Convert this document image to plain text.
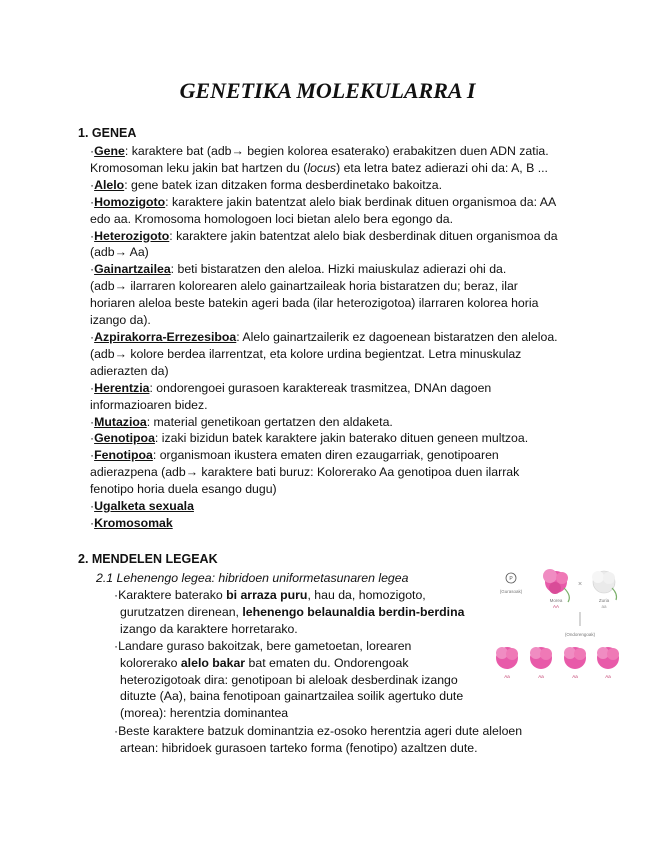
GENETIKA MOLEKULARRA I
1. GENEA
·Gene: karaktere bat (adb→ begien kolorea esaterako) erabakitzen duen ADN zatia.
Kromosoman leku jakin bat hartzen du (locus) eta letra batez adierazi ohi da: A, B ...
·Alelo: gene batek izan ditzaken forma desberdinetako bakoitza.
·Homozigoto: karaktere jakin batentzat alelo biak berdinak dituen organismoa da: AA
edo aa. Kromosoma homologoen loci bietan alelo bera egongo da.
·Heterozigoto: karaktere jakin batentzat alelo biak desberdinak dituen organismoa da
(adb→ Aa)
·Gainartzailea: beti bistaratzen den aleloa. Hizki maiuskulaz adierazi ohi da.
(adb→ ilarraren kolorearen alelo gainartzaileak horia bistaratzen du; beraz, ilar
horiaren aleloa beste batekin ageri bada (ilar heterozigotoa) ilarraren kolorea horia
izango da).
·Azpirakorra-Errezesiboa: Alelo gainartzailerik ez dagoenean bistaratzen den aleloa.
(adb→ kolore berdea ilarrentzat, eta kolore urdina begientzat. Letra minuskulaz
adierazten da)
·Herentzia: ondorengoei gurasoen karaktereak trasmitzea, DNAn dagoen
informazioaren bidez.
·Mutazioa: material genetikoan gertatzen den aldaketa.
·Genotipoa: izaki bizidun batek karaktere jakin baterako dituen geneen multzoa.
·Fenotipoa: organismoan ikustera ematen diren ezaugarriak, genotipoaren
adierazpena (adb→ karaktere bati buruz: Kolorerako Aa genotipoa duen ilarrak
fenotipo horia duela esango dugu)
·Ugalketa sexuala
·Kromosomak
2. MENDELEN LEGEAK
2.1 Lehenengo legea: hibridoen uniformetasunaren legea
·Karaktere baterako bi arraza puru, hau da, homozigoto,
gurutzatzen direnean, lehenengo belaunaldia berdin-berdina
izango da karaktere horretarako.
·Landare guraso bakoitzak, bere gametoetan, lorearen
kolorerako alelo bakar bat ematen du. Ondorengoak
heterozigotoak dira: genotipoan bi aleloak desberdinak izango
dituzte (Aa), baina fenotipoan gainartzailea soilik agertuko dute
(morea): herentzia dominantea
·Beste karaktere batzuk dominantzia ez-osoko herentzia ageri dute aleloen
artean: hibridoek gurasoen tarteko forma (fenotipo) azaltzen dute.
P
(Gurasoak)
Morea
AA
×
Zuria
aa
(Ondorengoak)
Aa	Aa	Aa	Aa
